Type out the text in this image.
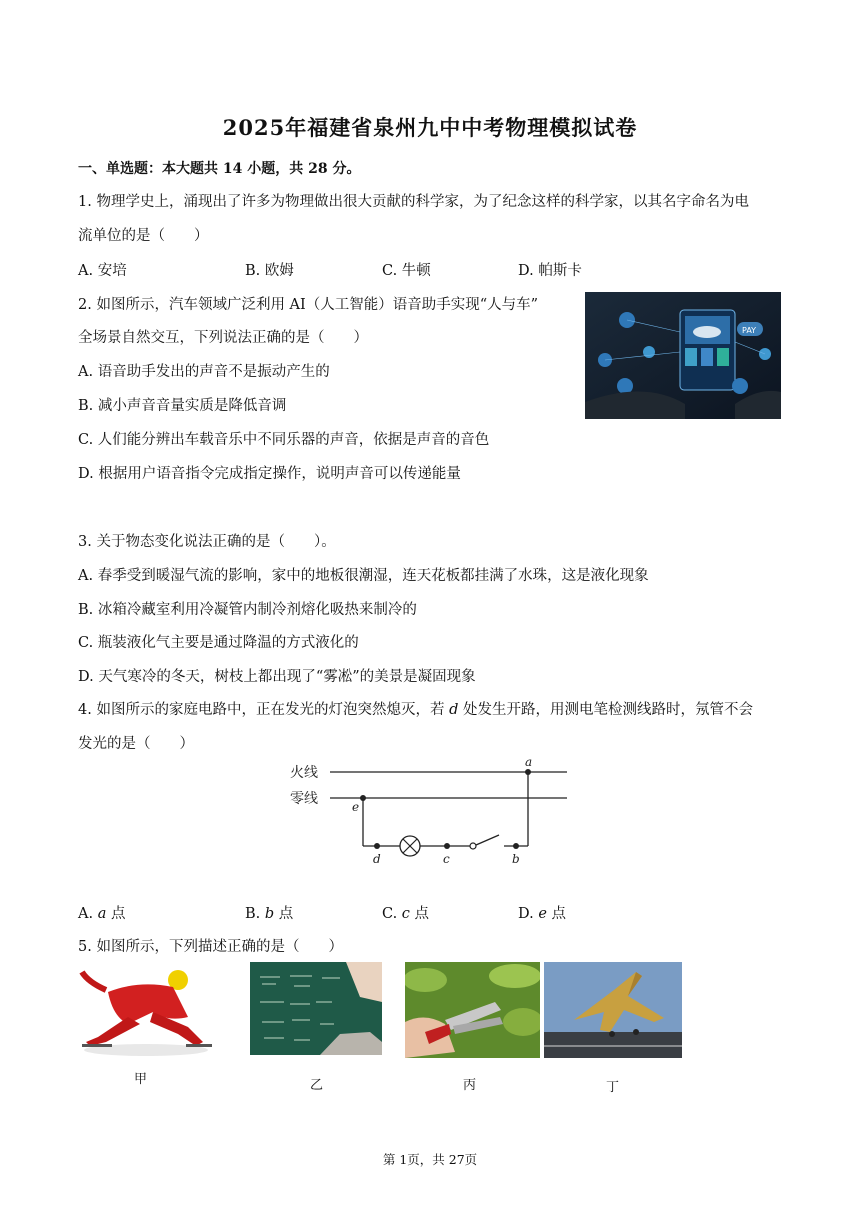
2025年福建省泉州九中中考物理模拟试卷
一、单选题：本大题共 14 小题，共 28 分。
1. 物理学史上，涌现出了许多为物理做出很大贡献的科学家，为了纪念这样的科学家，以其名字命名为电
流单位的是（　　）
A. 安培	B. 欧姆	C. 牛顿	D. 帕斯卡
2. 如图所示，汽车领域广泛利用 AI（人工智能）语音助手实现“人与车”
全场景自然交互，下列说法正确的是（　　）
A. 语音助手发出的声音不是振动产生的
B. 减小声音音量实质是降低音调
C. 人们能分辨出车载音乐中不同乐器的声音，依据是声音的音色
D. 根据用户语音指令完成指定操作，说明声音可以传递能量
PAY
3. 关于物态变化说法正确的是（　　）。
A. 春季受到暖湿气流的影响，家中的地板很潮湿，连天花板都挂满了水珠，这是液化现象
B. 冰箱冷藏室利用冷凝管内制冷剂熔化吸热来制冷的
C. 瓶装液化气主要是通过降温的方式液化的
D. 天气寒冷的冬天，树枝上都出现了“雾凇”的美景是凝固现象
4. 如图所示的家庭电路中，正在发光的灯泡突然熄灭，若 d 处发生开路，用测电笔检测线路时，氖管不会
发光的是（　　）
火线
零线
a
b
c
d
e
A. a 点	B. b 点	C. c 点	D. e 点
5. 如图所示，下列描述正确的是（　　）
甲	乙	丙	丁
第 1页，共 27页
